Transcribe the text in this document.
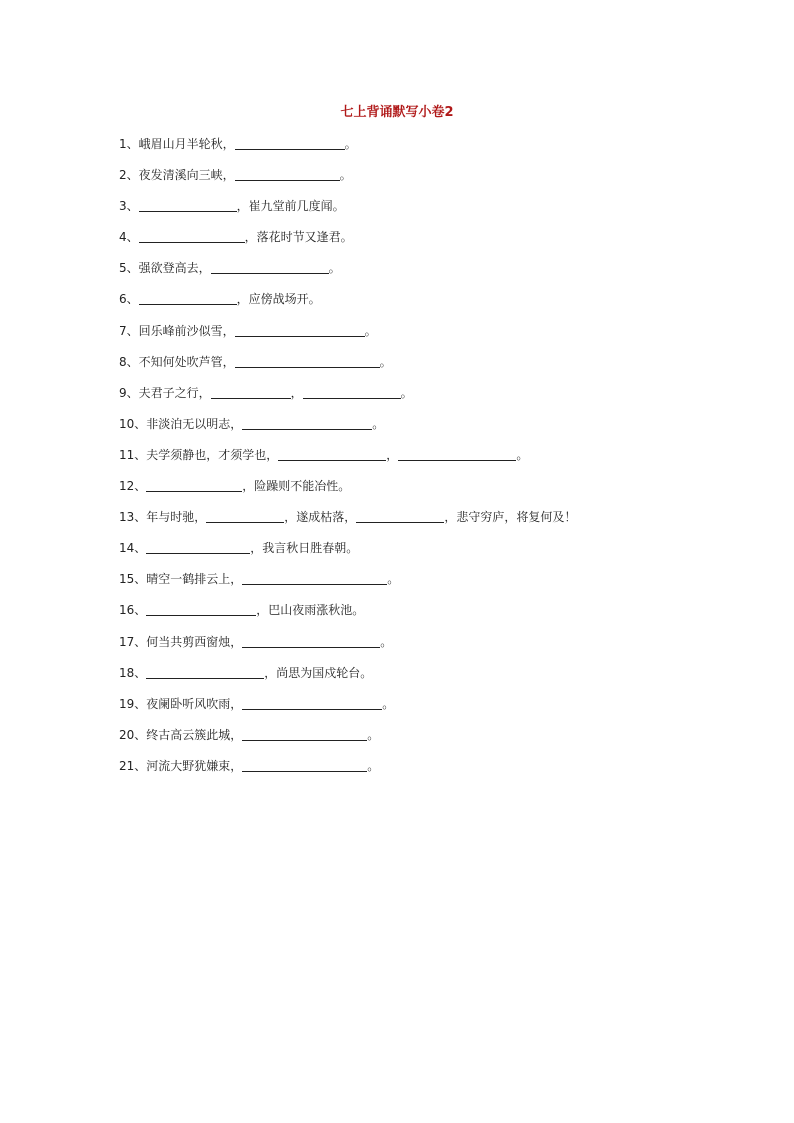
七上背诵默写小卷2
1、 峨眉山月半轮秋，	。
2、 夜发清溪向三峡，	。
3、	，崔九堂前几度闻。
4、	，落花时节又逢君。
5、 强欲登高去，	。
6、	，应傍战场开。
7、 回乐峰前沙似雪，	。
8、 不知何处吹芦管，	。
9、 夫君子之行，	，	。
10、 非淡泊无以明志，	。
11、 夫学须静也，才须学也，	，	。
12、	，险躁则不能冶性。
13、 年与时驰，	，遂成枯落，	，悲守穷庐，将复何及！
14、	，我言秋日胜春朝。
15、 晴空一鹤排云上，	。
16、	，巴山夜雨涨秋池。
17、 何当共剪西窗烛，	。
18、	，尚思为国戍轮台。
19、 夜阑卧听风吹雨，	。
20、 终古高云簇此城，	。
21、 河流大野犹嫌束，	。
